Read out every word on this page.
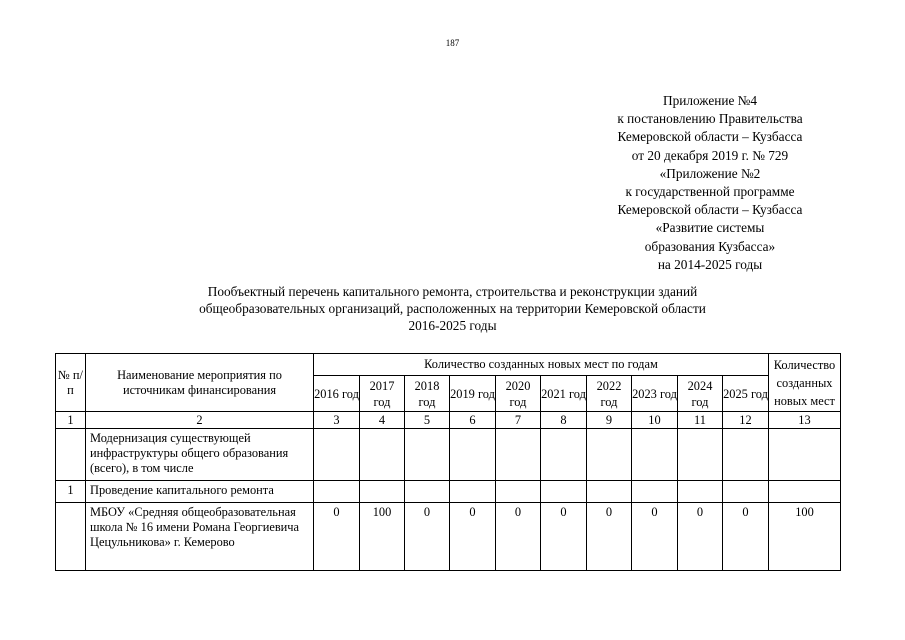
187
Приложение №4
к постановлению Правительства
Кемеровской области – Кузбасса
от 20 декабря 2019 г. № 729
«Приложение №2
к государственной программе
Кемеровской области – Кузбасса
«Развитие системы
образования Кузбасса»
на 2014-2025 годы
Пообъектный перечень капитального ремонта, строительства и реконструкции зданий
общеобразовательных организаций, расположенных на территории Кемеровской области
2016-2025 годы
№ п/п	Наименование мероприятия по источникам финансирования	Количество созданных новых мест по годам										Количество созданных новых мест
		2016 год	2017 год	2018 год	2019 год	2020 год	2021 год	2022 год	2023 год	2024 год	2025 год	
1	2	3	4	5	6	7	8	9	10	11	12	13
	Модернизация существующей инфраструктуры общего образования (всего), в том числе											
1	Проведение капитального ремонта											
	МБОУ «Средняя общеобразовательная школа № 16 имени Романа Георгиевича Цецульникова» г. Кемерово	0	100	0	0	0	0	0	0	0	0	100
